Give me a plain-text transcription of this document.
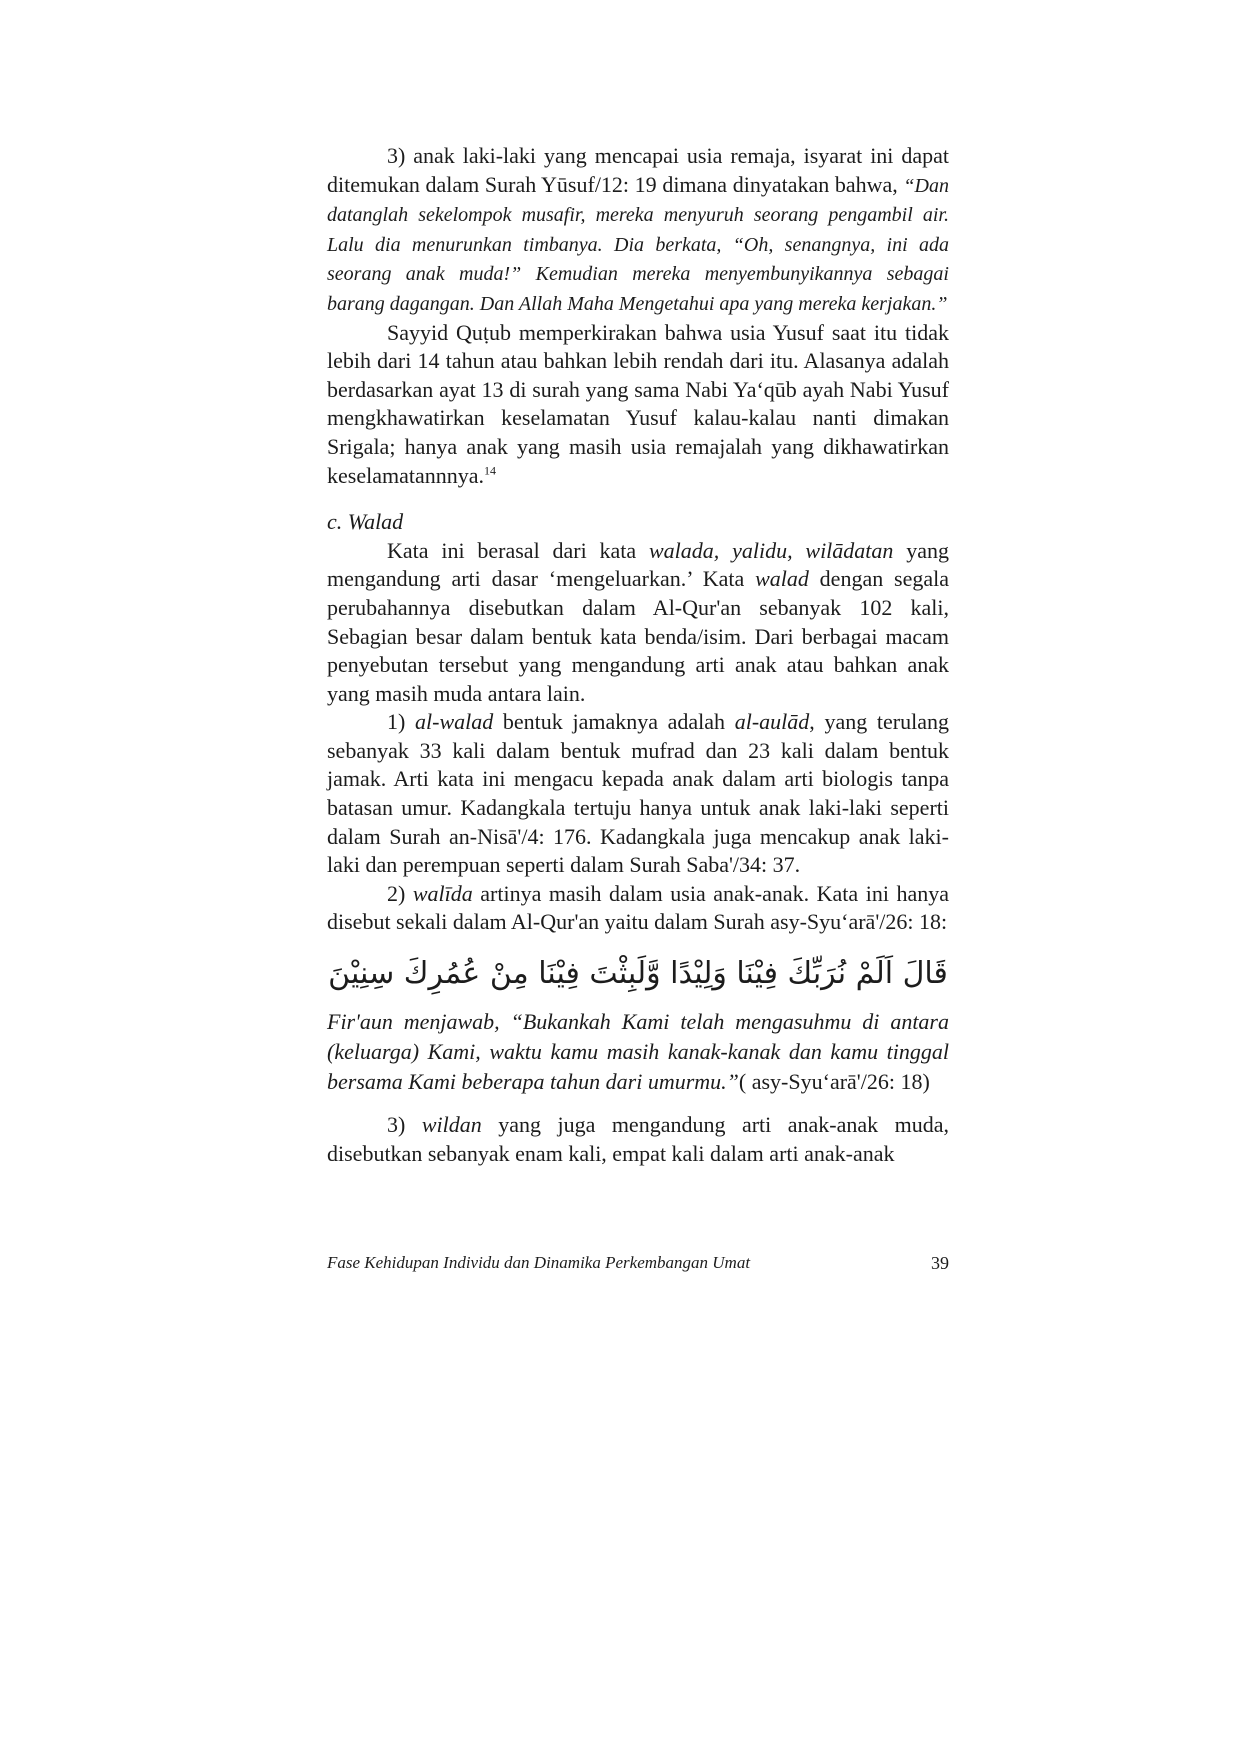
3) anak laki-laki yang mencapai usia remaja, isyarat ini dapat ditemukan dalam Surah Yūsuf/12: 19 dimana dinyatakan bahwa, “Dan datanglah sekelompok musafir, mereka menyuruh seorang pengambil air. Lalu dia menurunkan timbanya. Dia berkata, “Oh, senangnya, ini ada seorang anak muda!” Kemudian mereka menyembunyikannya sebagai barang dagangan. Dan Allah Maha Mengetahui apa yang mereka kerjakan.”

Sayyid Quṭub memperkirakan bahwa usia Yusuf saat itu tidak lebih dari 14 tahun atau bahkan lebih rendah dari itu. Alasanya adalah berdasarkan ayat 13 di surah yang sama Nabi Ya‘qūb ayah Nabi Yusuf mengkhawatirkan keselamatan Yusuf kalau-kalau nanti dimakan Srigala; hanya anak yang masih usia remajalah yang dikhawatirkan keselamatannnya.$^{14}$

c. Walad

Kata ini berasal dari kata walada, yalidu, wilādatan yang mengandung arti dasar ‘mengeluarkan.’ Kata walad dengan segala perubahannya disebutkan dalam Al-Qur'an sebanyak 102 kali, Sebagian besar dalam bentuk kata benda/isim. Dari berbagai macam penyebutan tersebut yang mengandung arti anak atau bahkan anak yang masih muda antara lain.

1) al-walad bentuk jamaknya adalah al-aulād, yang terulang sebanyak 33 kali dalam bentuk mufrad dan 23 kali dalam bentuk jamak. Arti kata ini mengacu kepada anak dalam arti biologis tanpa batasan umur. Kadangkala tertuju hanya untuk anak laki-laki seperti dalam Surah an-Nisā'/4: 176. Kadangkala juga mencakup anak laki-laki dan perempuan seperti dalam Surah Saba'/34: 37.

2) walīda artinya masih dalam usia anak-anak. Kata ini hanya disebut sekali dalam Al-Qur'an yaitu dalam Surah asy-Syu‘arā'/26: 18:

قَالَ اَلَمْ نُرَبِّكَ فِيْنَا وَلِيْدًا وَّلَبِثْتَ فِيْنَا مِنْ عُمُرِكَ سِنِيْنَ

Fir'aun menjawab, “Bukankah Kami telah mengasuhmu di antara (keluarga) Kami, waktu kamu masih kanak-kanak dan kamu tinggal bersama Kami beberapa tahun dari umurmu.”( asy-Syu‘arā'/26: 18)

3) wildan yang juga mengandung arti anak-anak muda, disebutkan sebanyak enam kali, empat kali dalam arti anak-anak

Fase Kehidupan Individu dan Dinamika Perkembangan Umat	39
